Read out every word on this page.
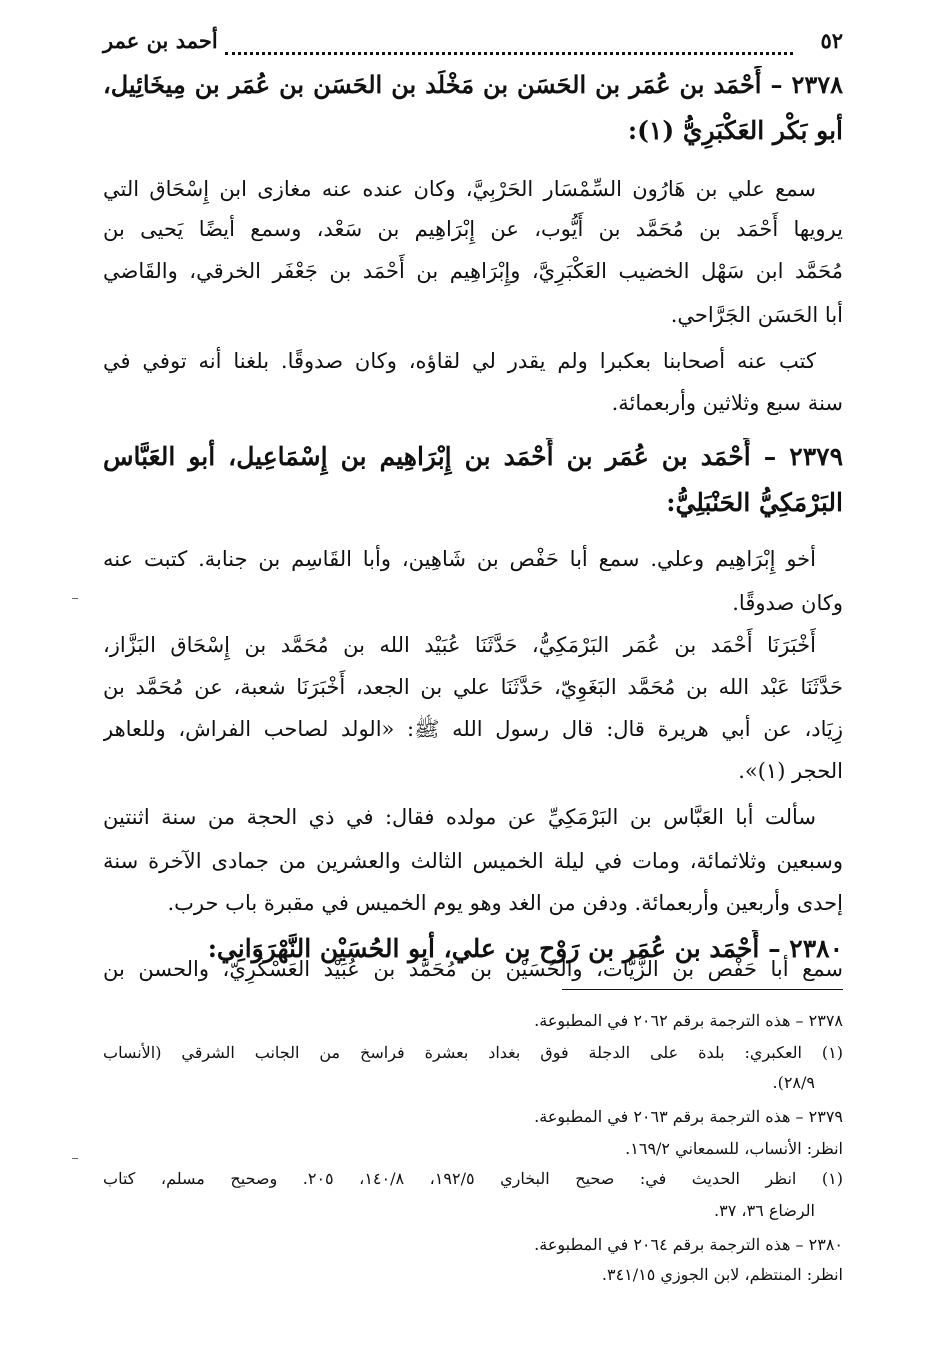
٥٢
أحمد بن عمر
٢٣٧٨ – أَحْمَد بن عُمَر بن الحَسَن بن مَخْلَد بن الحَسَن بن عُمَر بن مِيخَائِيل،
أبو بَكْر العَكْبَرِيُّ (١):
سمع علي بن هَارُون السِّمْسَار الحَرْبِيَّ، وكان عنده عنه مغازى ابن إِسْحَاق التي
يرويها أَحْمَد بن مُحَمَّد بن أَيُّوب، عن إِبْرَاهِيم بن سَعْد، وسمع أيضًا يَحيى بن
مُحَمَّد ابن سَهْل الخضيب العَكْبَرِيَّ، وإِبْرَاهِيم بن أَحْمَد بن جَعْفَر الخرقي، والقَاضي
أبا الحَسَن الجَرَّاحي.
كتب عنه أصحابنا بعكبرا ولم يقدر لي لقاؤه، وكان صدوقًا. بلغنا أنه توفي في
سنة سبع وثلاثين وأربعمائة.
٢٣٧٩ – أَحْمَد بن عُمَر بن أَحْمَد بن إِبْرَاهِيم بن إِسْمَاعِيل، أبو العَبَّاس
البَرْمَكِيُّ الحَنْبَلِيُّ:
أخو إِبْرَاهِيم وعلي. سمع أبا حَفْص بن شَاهِين، وأبا القَاسِم بن جنابة. كتبت عنه
وكان صدوقًا.
أَخْبَرَنَا أَحْمَد بن عُمَر البَرْمَكِيُّ، حَدَّثَنَا عُبَيْد الله بن مُحَمَّد بن إِسْحَاق البَزَّاز،
حَدَّثَنَا عَبْد الله بن مُحَمَّد البَغَوِيّ، حَدَّثَنَا علي بن الجعد، أَخْبَرَنَا شعبة، عن مُحَمَّد بن
زِيَاد، عن أبي هريرة قال: قال رسول الله ﷺ: «الولد لصاحب الفراش، وللعاهر
الحجر (١)».
سألت أبا العَبَّاس بن البَرْمَكِيِّ عن مولده فقال: في ذي الحجة من سنة اثنتين
وسبعين وثلاثمائة، ومات في ليلة الخميس الثالث والعشرين من جمادى الآخرة سنة
إحدى وأربعين وأربعمائة. ودفن من الغد وهو يوم الخميس في مقبرة باب حرب.
٢٣٨٠ – أَحْمَد بن عُمَر بن رَوْح بن علي، أبو الحُسَيْن النَّهْرَوَانِي:
سمع أبا حَفْص بن الزَّيَّات، والحُسَيْن بن مُحَمَّد بن عُبَيْد العَسْكَرِيّ، والحسن بن
٢٣٧٨ – هذه الترجمة برقم ٢٠٦٢ في المطبوعة.
(١) العكبري: بلدة على الدجلة فوق بغداد بعشرة فراسخ من الجانب الشرقي (الأنساب
٢٨/٩).
٢٣٧٩ – هذه الترجمة برقم ٢٠٦٣ في المطبوعة.
انظر: الأنساب، للسمعاني ١٦٩/٢.
(١) انظر الحديث في: صحيح البخاري ١٩٢/٥، ١٤٠/٨، ٢٠٥. وصحيح مسلم، كتاب
الرضاع ٣٦، ٣٧.
٢٣٨٠ – هذه الترجمة برقم ٢٠٦٤ في المطبوعة.
انظر: المنتظم، لابن الجوزي ٣٤١/١٥.
